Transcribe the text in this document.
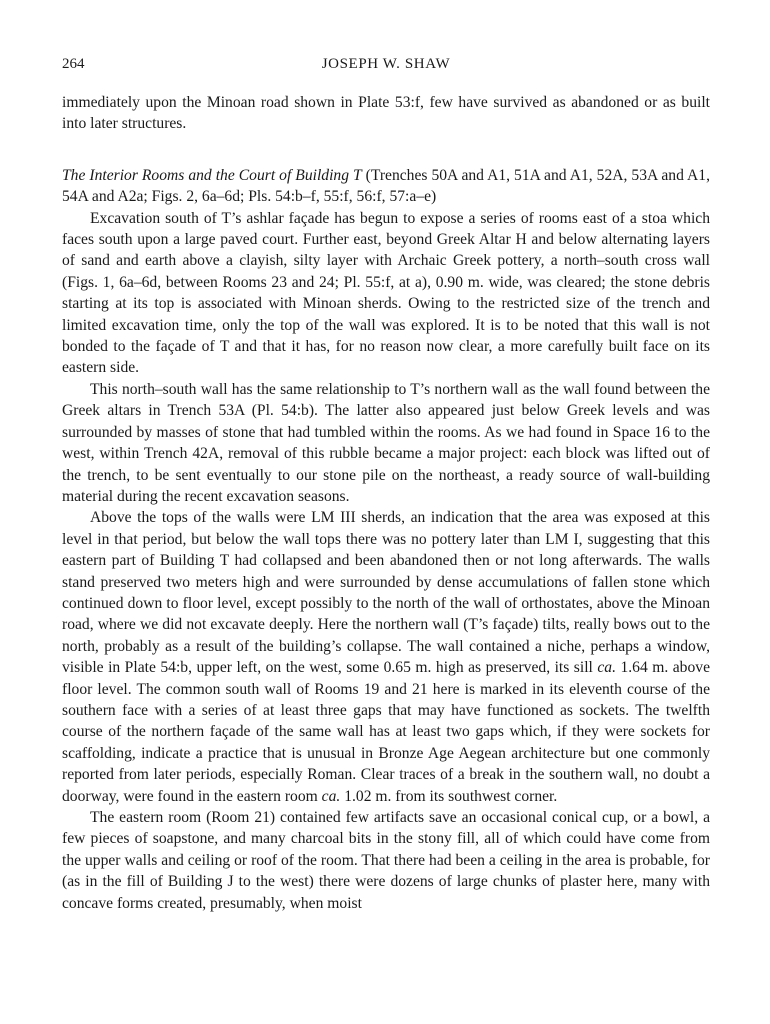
264	JOSEPH W. SHAW

immediately upon the Minoan road shown in Plate 53:f, few have survived as abandoned or as built into later structures.

The Interior Rooms and the Court of Building T (Trenches 50A and A1, 51A and A1, 52A, 53A and A1, 54A and A2a; Figs. 2, 6a–6d; Pls. 54:b–f, 55:f, 56:f, 57:a–e)

Excavation south of T’s ashlar façade has begun to expose a series of rooms east of a stoa which faces south upon a large paved court. Further east, beyond Greek Altar H and below alternating layers of sand and earth above a clayish, silty layer with Archaic Greek pottery, a north–south cross wall (Figs. 1, 6a–6d, between Rooms 23 and 24; Pl. 55:f, at a), 0.90 m. wide, was cleared; the stone debris starting at its top is associated with Minoan sherds. Owing to the restricted size of the trench and limited excavation time, only the top of the wall was explored. It is to be noted that this wall is not bonded to the façade of T and that it has, for no reason now clear, a more carefully built face on its eastern side.

This north–south wall has the same relationship to T’s northern wall as the wall found between the Greek altars in Trench 53A (Pl. 54:b). The latter also appeared just below Greek levels and was surrounded by masses of stone that had tumbled within the rooms. As we had found in Space 16 to the west, within Trench 42A, removal of this rubble became a major project: each block was lifted out of the trench, to be sent eventually to our stone pile on the northeast, a ready source of wall-building material during the recent excavation seasons.

Above the tops of the walls were LM III sherds, an indication that the area was exposed at this level in that period, but below the wall tops there was no pottery later than LM I, suggesting that this eastern part of Building T had collapsed and been abandoned then or not long afterwards. The walls stand preserved two meters high and were surrounded by dense accumulations of fallen stone which continued down to floor level, except possibly to the north of the wall of orthostates, above the Minoan road, where we did not excavate deeply. Here the northern wall (T’s façade) tilts, really bows out to the north, probably as a result of the building’s collapse. The wall contained a niche, perhaps a window, visible in Plate 54:b, upper left, on the west, some 0.65 m. high as preserved, its sill ca. 1.64 m. above floor level. The common south wall of Rooms 19 and 21 here is marked in its eleventh course of the southern face with a series of at least three gaps that may have functioned as sockets. The twelfth course of the northern façade of the same wall has at least two gaps which, if they were sockets for scaffolding, indicate a practice that is unusual in Bronze Age Aegean architecture but one commonly reported from later periods, especially Roman. Clear traces of a break in the southern wall, no doubt a doorway, were found in the eastern room ca. 1.02 m. from its southwest corner.

The eastern room (Room 21) contained few artifacts save an occasional conical cup, or a bowl, a few pieces of soapstone, and many charcoal bits in the stony fill, all of which could have come from the upper walls and ceiling or roof of the room. That there had been a ceiling in the area is probable, for (as in the fill of Building J to the west) there were dozens of large chunks of plaster here, many with concave forms created, presumably, when moist
